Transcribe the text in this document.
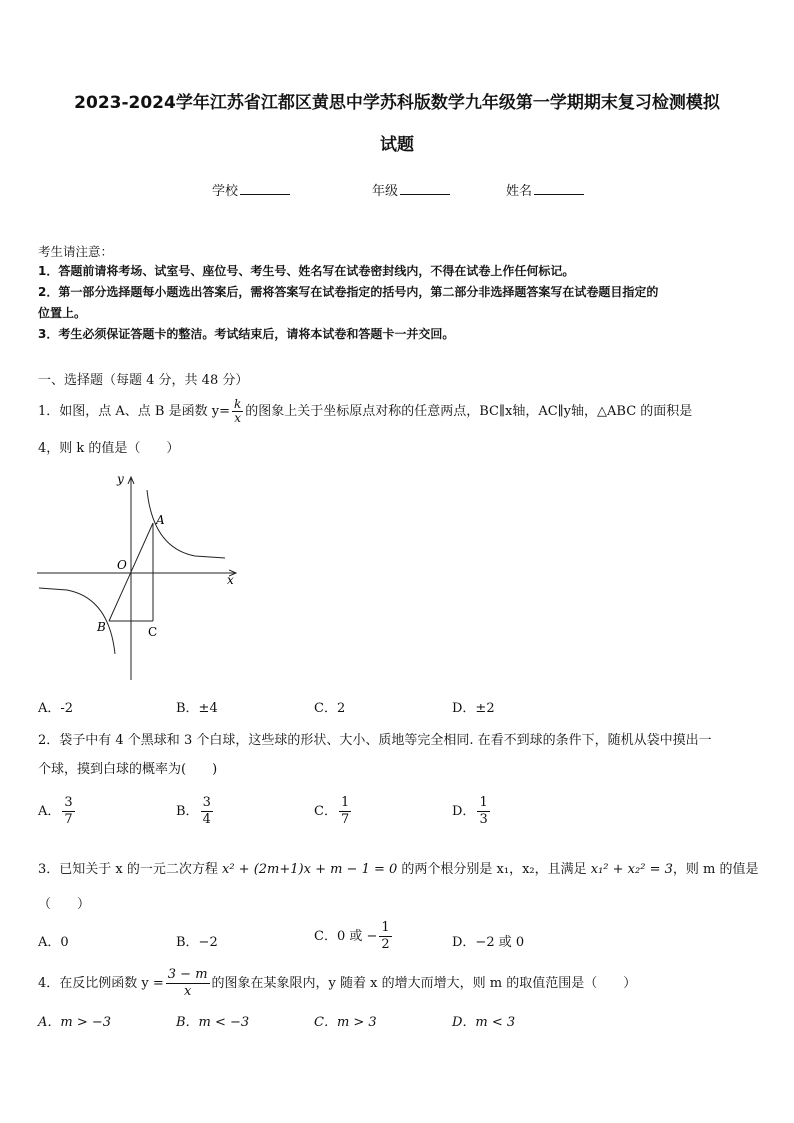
2023-2024学年江苏省江都区黄思中学苏科版数学九年级第一学期期末复习检测模拟
试题
学校	年级	姓名
考生请注意：
1．答题前请将考场、试室号、座位号、考生号、姓名写在试卷密封线内，不得在试卷上作任何标记。
2．第一部分选择题每小题选出答案后，需将答案写在试卷指定的括号内，第二部分非选择题答案写在试卷题目指定的
位置上。
3．考生必须保证答题卡的整洁。考试结束后，请将本试卷和答题卡一并交回。
一、选择题（每题 4 分，共 48 分）
1．如图，点 A、点 B 是函数 $y= \frac{k}{x}$ 的图象上关于坐标原点对称的任意两点，BC∥x轴，AC∥y轴，△ABC 的面积是
4，则 k 的值是（　　）
y
x
O
A
B	C
A．-2	B．±4	C．2	D．±2
2．袋子中有 4 个黑球和 3 个白球，这些球的形状、大小、质地等完全相同. 在看不到球的条件下，随机从袋中摸出一
个球，摸到白球的概率为(　　)
A． $\frac{3}{7}$	B． $\frac{3}{4}$	C． $\frac{1}{7}$	D． $\frac{1}{3}$
3．已知关于 x 的一元二次方程 x² + (2m+1)x + m − 1 = 0 的两个根分别是 x₁，x₂，且满足 x₁² + x₂² = 3，则 m 的值是
（　　）
A．0	B．−2	C．0 或 − $\frac{1}{2}$	D．−2 或 0
4．在反比例函数 $y = \frac{3 - m}{x}$ 的图象在某象限内，y 随着 x 的增大而增大，则 m 的取值范围是（　　）
A．m > −3	B．m < −3	C．m > 3	D．m < 3
